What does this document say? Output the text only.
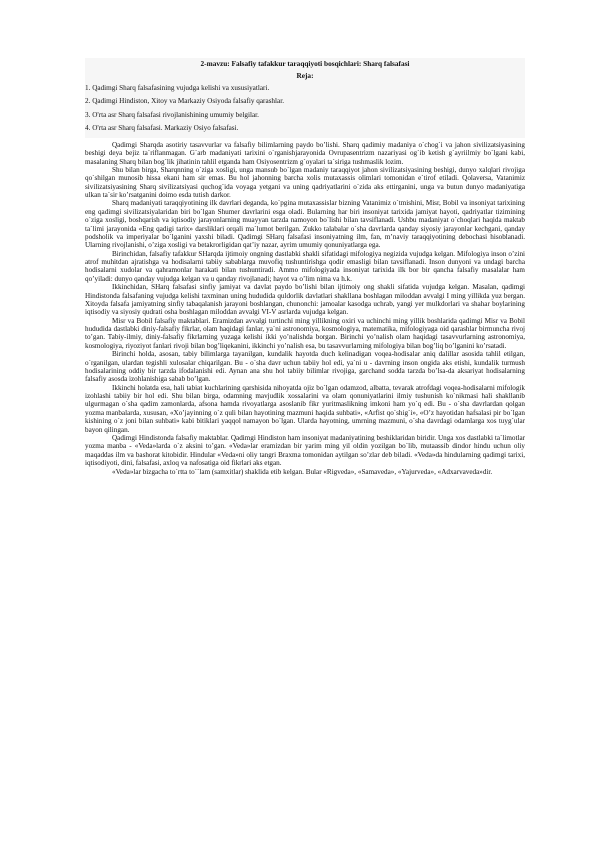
2-mavzu: Falsafiy tafakkur taraqqiyoti bosqichlari: Sharq falsafasi
Reja:
1. Qadimgi Sharq falsafasining vujudga kelishi va xususiyatlari.
2. Qadimgi Hindiston, Xitoy va Markaziy Osiyoda falsafiy qarashlar.
3. O'rta asr Sharq falsafasi rivojlanishining umumiy belgilar.
4. O'rta asr Sharq falsafasi. Markaziy Osiyo falsafasi.

Qadimgi Sharqda asotiriy tasavvurlar va falsafiy bilimlarning paydo bo’lishi. Sharq qadimiy madaniya o`chog`i va jahon sivilizatsiyasining beshigi deya bejiz ta`riflanmagan. G`arb madaniyati tarixini o`rganishjarayonida Ovrupasentrizm nazariyasi og`ib ketish g`ayriilmiy bo`lgani kabi, masalaning Sharq bilan bog`lik jihatinin tahlil etganda ham Osiyosentrizm g`oyalari ta`siriga tushmaslik lozim.

Shu bilan birga, Sharqnning o`ziga xosligi, unga mansub bo`lgan madaniy taraqqiyot jahon sivilizatsiyasining beshigi, dunyo xalqlari rivojiga qo`shilgan munosib hissa ekani ham sir emas. Bu hol jahonning barcha xolis mutaxassis olimlari tomonidan e`tirof etiladi. Qolaversa, Vatanimiz sivilizatsiyasining Sharq sivilizatsiyasi quchog`ida voyaga yetgani va uning qadriyatlarini o`zida aks ettirganini, unga va butun dunyo madaniyatiga ulkan ta`sir ko’rsatganini doimo esda tutish darkor.

Sharq madaniyati taraqqiyotining ilk davrlari deganda, ko`pgina mutaxassislar bizning Vatanimiz o`tmishini, Misr, Bobil va insoniyat tarixining eng qadimgi sivilizatsiyalaridan biri bo`lgan Shumer davrlarini esga oladi. Bularning har biri insoniyat tarixida jamiyat hayoti, qadriyatlar tizimining o`ziga xosligi, boshqarish va iqtisodiy jarayonlarning muayyan tarzda namoyon bo`lishi bilan tavsiflanadi. Ushbu madaniyat o`choqlari haqida maktab ta`limi jarayonida «Eng qadigi tarix» darsliklari orqali ma`lumot berilgan. Zukko talabalar o`sha davrlarda qanday siyosiy jarayonlar kechgani, qanday podsholik va imperiyalar bo`lganini yaxshi biladi. Qadimgi SHarq falsafasi insoniyatning ilm, fan, m’naviy taraqqiyotining debochasi hisoblanadi. Ularning rivojlanishi, o’ziga xosligi va betakrorligidan qat’iy nazar, ayrim umumiy qonuniyatlarga ega.

Birinchidan, falsafiy tafakkur SHarqda ijtimoiy ongning dastlabki shakli sifatidagi mifologiya negizida vujudga kelgan. Mifologiya inson o’zini atrof muhitdan ajratishga va hodisalarni tabiiy sabablarga muvofiq tushuntirishga qodir emasligi bilan tavsiflanadi. Inson dunyoni va undagi barcha hodisalarni xudolar va qahramonlar harakati bilan tushuntiradi. Ammo mifologiyada insoniyat tarixida ilk bor bir qancha falsafiy masalalar ham qo’yiladi: dunyo qanday vujudga kelgan va u qanday rivojlanadi; hayot va o’lim nima va h.k.

Ikkinchidan, SHarq falsafasi sinfiy jamiyat va davlat paydo bo’lishi bilan ijtimoiy ong shakli sifatida vujudga kelgan. Masalan, qadimgi Hindistonda falsafaning vujudga kelishi taxminan uning hududida quldorlik davlatlari shakllana boshlagan miloddan avvalgi I ming yillikda yuz bergan. Xitoyda falsafa jamiyatning sinfiy tabaqalanish jarayoni boshlangan, chunonchi: jamoalar kasodga uchrab, yangi yer mulkdorlari va shahar boylarining iqtisodiy va siyosiy qudrati osha boshlagan miloddan avvalgi VI-V asrlarda vujudga kelgan.

Misr va Bobil falsafiy maktablari. Eramizdan avvalgi turtinchi ming yillikning oxiri va uchinchi ming yillik boshlarida qadimgi Misr va Bobil hududida dastlabki diniy-falsafiy fikrlar, olam haqidagi fanlar, ya`ni astronomiya, kosmologiya, matematika, mifologiyaga oid qarashlar birmuncha rivoj to’gan. Tabiy-ilmiy, diniy-falsafiy fikrlarning yuzaga kelishi ikki yo’nalishda borgan. Birinchi yo’nalish olam haqidagi tasavvurlarning astronomiya, kosmologiya, riyoziyot fanlari rivoji bilan bog’liqekanini, ikkinchi yo’nalish esa, bu tasavvurlarning mifologiya bilan bog’liq bo’lganini ko’rsatadi.

Birinchi holda, asosan, tabiy bilimlarga tayanilgan, kundalik hayotda duch kelinadigan voqea-hodisalar aniq dalillar asosida tahlil etilgan, o`rganilgan, ulardan tegishli xulosalar chiqarilgan. Bu - o`sha davr uchun tabiiy hol edi, ya`ni u - davrning inson ongida aks etishi, kundalik turmush hodisalarining oddiy bir tarzda ifodalanishi edi. Aynan ana shu hol tabiiy bilimlar rivojiga, garchand sodda tarzda bo’lsa-da aksariyat hodisalarning falsafiy asosda izohlanishiga sabab bo’lgan.

Ikkinchi holatda esa, hali tabiat kuchlarining qarshisida nihoyatda ojiz bo`lgan odamzod, albatta, tevarak atrofdagi voqea-hodisalarni mifologik izohlashi tabiiy bir hol edi. Shu bilan birga, odamning mavjudlik xossalarini va olam qonuniyatlarini ilmiy tushunish ko`nikmasi hali shakllanib ulgurmagan o`sha qadim zamonlarda, afsona hamda rivoyatlarga asoslanib fikr yuritmaslikning imkoni ham yo`q edi. Bu - o`sha davrlardan qolgan yozma manbalarda, xususan, «Xo’jayinning o`z quli bilan hayotining mazmuni haqida suhbati», «Arfist qo`shig`i», «O’z hayotidan hafsalasi pir bo`lgan kishining o`z joni bilan suhbati» kabi bitiklari yaqqol namayon bo`lgan. Ularda hayotning, umrning mazmuni, o`sha davrdagi odamlarga xos tuyg`ular bayon qilingan.

Qadimgi Hindistonda falsafiy maktablar. Qadimgi Hindiston ham insoniyat madaniyatining beshiklaridan biridir. Unga xos dastlabki ta`limotlar yozma manba - «Veda»larda o`z aksini to’gan. «Veda»lar eramizdan bir yarim ming yil oldin yozilgan bo`lib, mutaassib dindor hindu uchun oliy maqaddas ilm va bashorat kitobidir. Hindular «Veda»ni oliy tangri Braxma tomonidan aytilgan so’zlar deb biladi. «Veda»da hindularning qadimgi tarixi, iqtisodiyoti, dini, falsafasi, axloq va nafosatiga oid fikrlari aks etgan.

«Veda»lar bizgacha to`rtta to``lam (samxitlar) shaklida etib kelgan. Bular «Rigveda», «Samaveda», «Yajurveda», «Adxarvaveda»dir.
